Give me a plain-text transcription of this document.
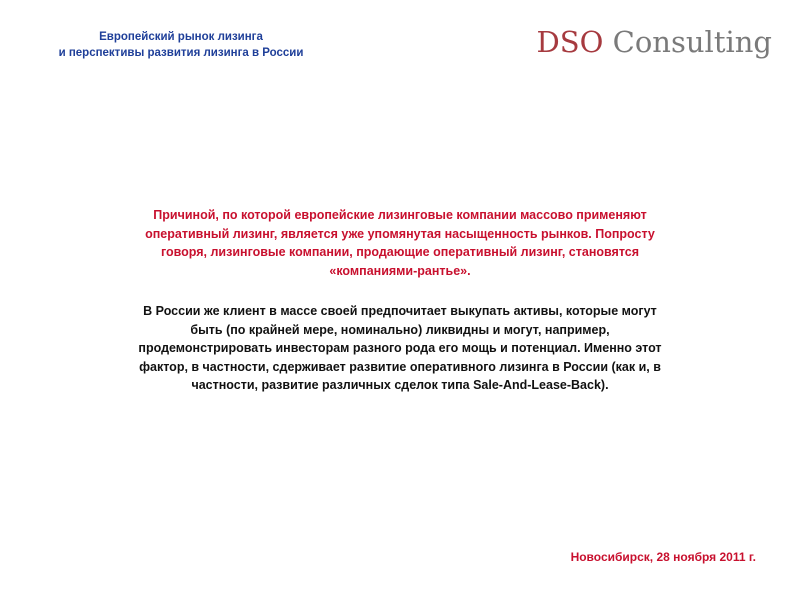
Европейский рынок лизинга
и перспективы развития лизинга в России	DSO Consulting
Причиной, по которой европейские лизинговые компании массово применяют
оперативный лизинг, является уже упомянутая насыщенность рынков. Попросту
говоря, лизинговые компании, продающие оперативный лизинг, становятся
«компаниями-рантье».
В России же клиент в массе своей предпочитает выкупать активы, которые могут
быть (по крайней мере, номинально) ликвидны и могут, например,
продемонстрировать инвесторам разного рода его мощь и потенциал. Именно этот
фактор, в частности, сдерживает развитие оперативного лизинга в России (как и, в
частности, развитие различных сделок типа Sale-And-Lease-Back).
Новосибирск, 28 ноября 2011 г.
